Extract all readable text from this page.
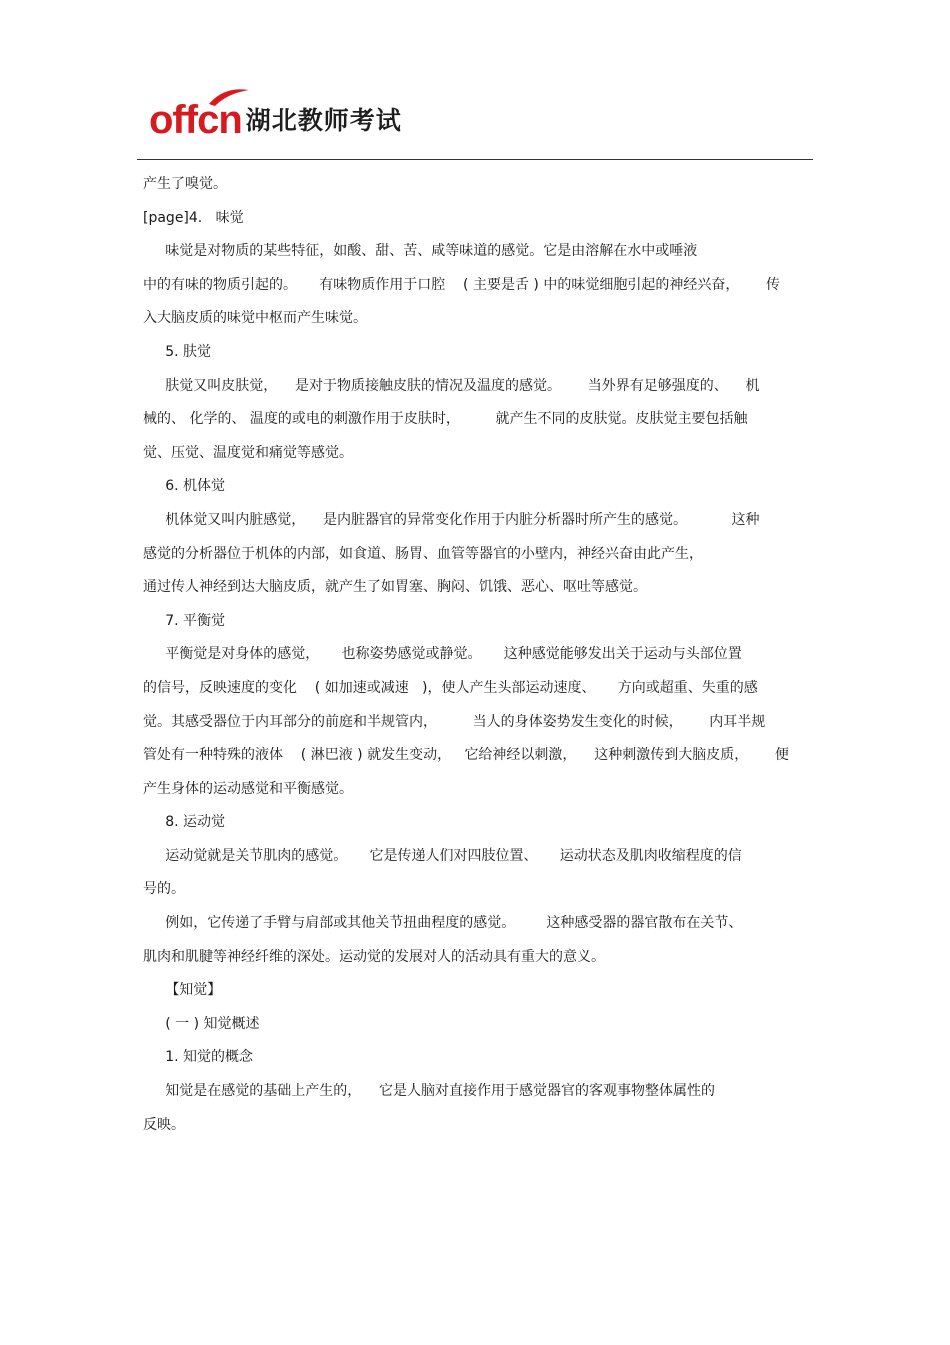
offcn 湖北教师考试
产生了嗅觉。
[page]4.   味觉
味觉是对物质的某些特征，如酸、甜、苦、咸等味道的感觉。它是由溶解在水中或唾液
中的有味的物质引起的。     有味物质作用于口腔    ( 主要是舌 ) 中的味觉细胞引起的神经兴奋，      传
入大脑皮质的味觉中枢而产生味觉。
5. 肤觉
肤觉又叫皮肤觉，    是对于物质接触皮肤的情况及温度的感觉。      当外界有足够强度的、    机
械的、 化学的、 温度的或电的刺激作用于皮肤时，        就产生不同的皮肤觉。皮肤觉主要包括触
觉、压觉、温度觉和痛觉等感觉。
6. 机体觉
机体觉又叫内脏感觉，    是内脏器官的异常变化作用于内脏分析器时所产生的感觉。          这种
感觉的分析器位于机体的内部，如食道、肠胃、血管等器官的小壁内，神经兴奋由此产生，
通过传人神经到达大脑皮质，就产生了如胃塞、胸闷、饥饿、恶心、呕吐等感觉。
7. 平衡觉
平衡觉是对身体的感觉，     也称姿势感觉或静觉。     这种感觉能够发出关于运动与头部位置
的信号，反映速度的变化    ( 如加速或减速   )，使人产生头部运动速度、     方向或超重、失重的感
觉。其感受器位于内耳部分的前庭和半规管内，        当人的身体姿势发生变化的时候，      内耳半规
管处有一种特殊的液体    ( 淋巴液 ) 就发生变动，   它给神经以刺激，    这种刺激传到大脑皮质，      便
产生身体的运动感觉和平衡感觉。
8. 运动觉
运动觉就是关节肌肉的感觉。     它是传递人们对四肢位置、     运动状态及肌肉收缩程度的信
号的。
例如，它传递了手臂与肩部或其他关节扭曲程度的感觉。       这种感受器的器官散布在关节、
肌肉和肌腱等神经纤维的深处。运动觉的发展对人的活动具有重大的意义。
【知觉】
( 一 ) 知觉概述
1. 知觉的概念
知觉是在感觉的基础上产生的，    它是人脑对直接作用于感觉器官的客观事物整体属性的
反映。
